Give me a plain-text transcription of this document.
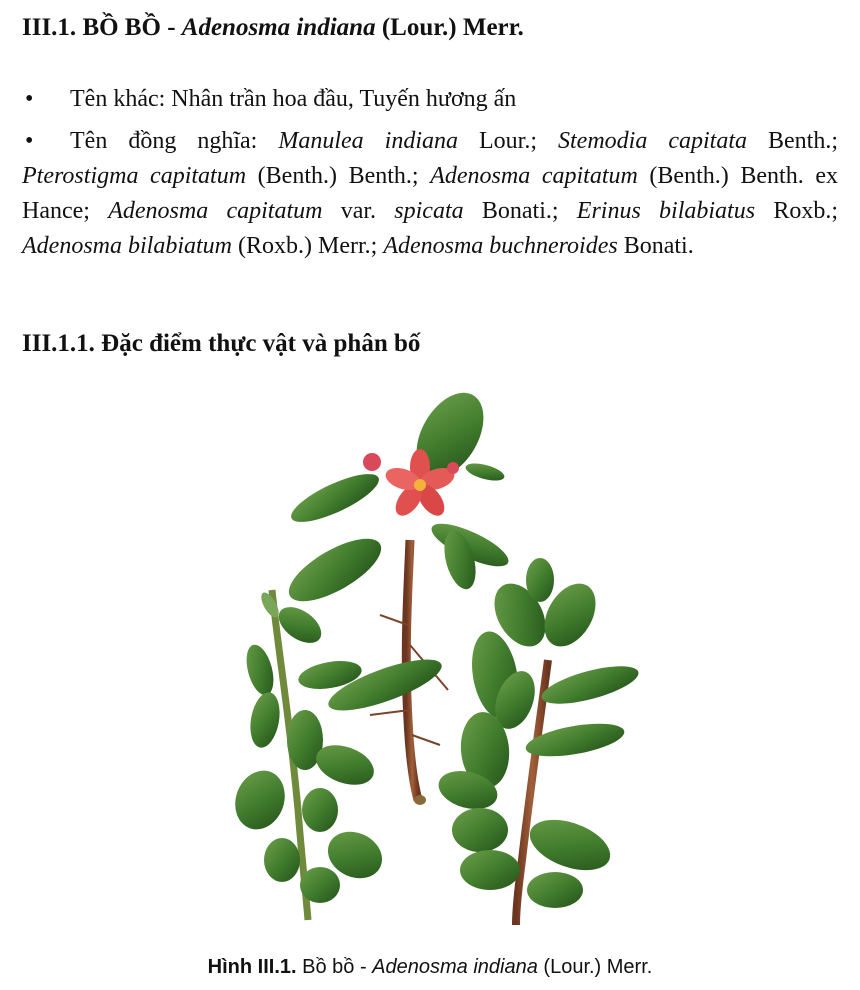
III.1. BỒ BỒ - Adenosma indiana (Lour.) Merr.
• Tên khác: Nhân trần hoa đầu, Tuyến hương ấn
• Tên đồng nghĩa: Manulea indiana Lour.; Stemodia capitata Benth.; Pterostigma capitatum (Benth.) Benth.; Adenosma capitatum (Benth.) Benth. ex Hance; Adenosma capitatum var. spicata Bonati.; Erinus bilabiatus Roxb.; Adenosma bilabiatum (Roxb.) Merr.; Adenosma buchneroides Bonati.
III.1.1. Đặc điểm thực vật và phân bố
Hình III.1. Bồ bồ - Adenosma indiana (Lour.) Merr.
